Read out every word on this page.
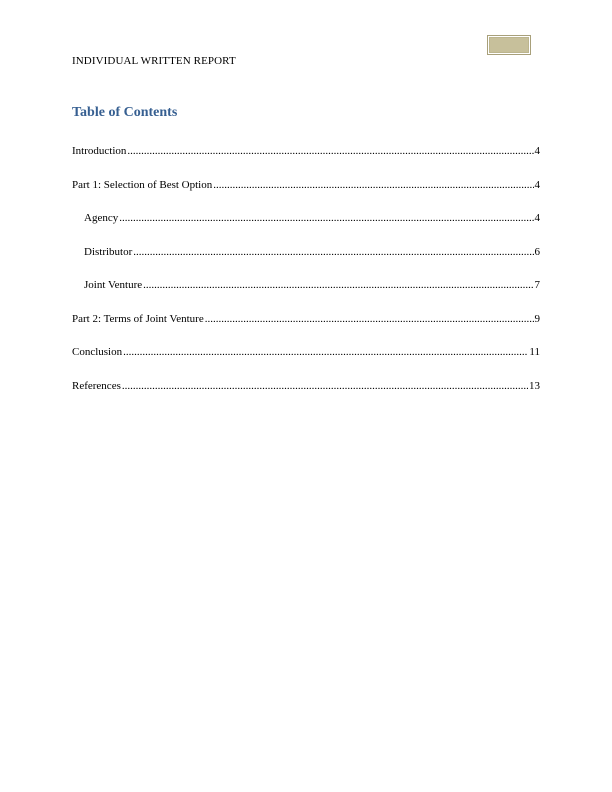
INDIVIDUAL WRITTEN REPORT
Table of Contents
Introduction .....	4
Part 1: Selection of Best Option .....	4
Agency .....	4
Distributor .....	6
Joint Venture .....	7
Part 2: Terms of Joint Venture .....	9
Conclusion .....	11
References .....	13
